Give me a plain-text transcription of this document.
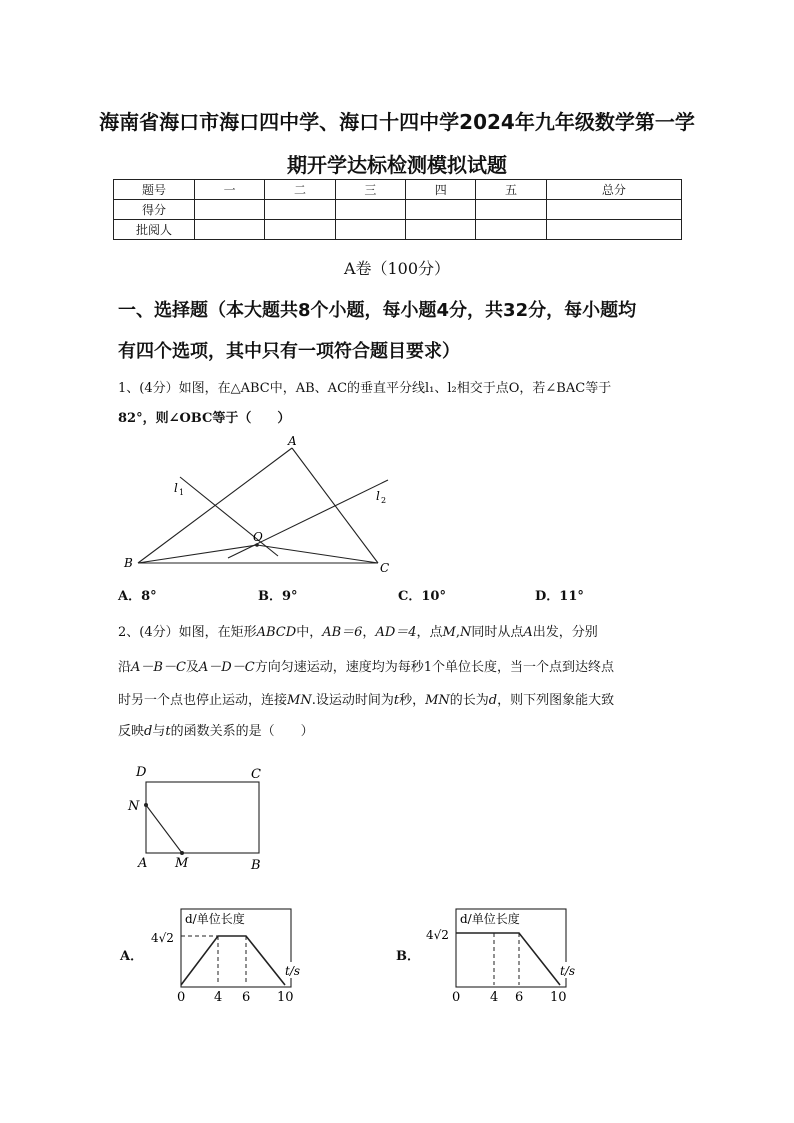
海南省海口市海口四中学、海口十四中学2024年九年级数学第一学
期开学达标检测模拟试题
题号	一	二	三	四	五	总分
得分						
批阅人						
A卷（100分）
一、选择题（本大题共8个小题，每小题4分，共32分，每小题均
有四个选项，其中只有一项符合题目要求）
1、(4分）如图，在△ABC中，AB、AC的垂直平分线l₁、l₂相交于点O，若∠BAC等于
82°，则∠OBC等于（　　）
A
B	C
O
l 1	l 2
A．8°	B．9°	C．10°	D．11°
2、(4分）如图，在矩形ABCD中，AB＝6，AD＝4，点M,N同时从点A出发，分别
沿A－B－C及A－D－C方向匀速运动，速度均为每秒1个单位长度，当一个点到达终点
时另一个点也停止运动，连接MN.设运动时间为t秒，MN的长为d，则下列图象能大致
反映d与t的函数关系的是（　　）
D	C
N
A M	B
A．
d/单位长度
4√2
t/s
0 4 6 10
B．
d/单位长度
4√2
t/s
0 4 6 10
